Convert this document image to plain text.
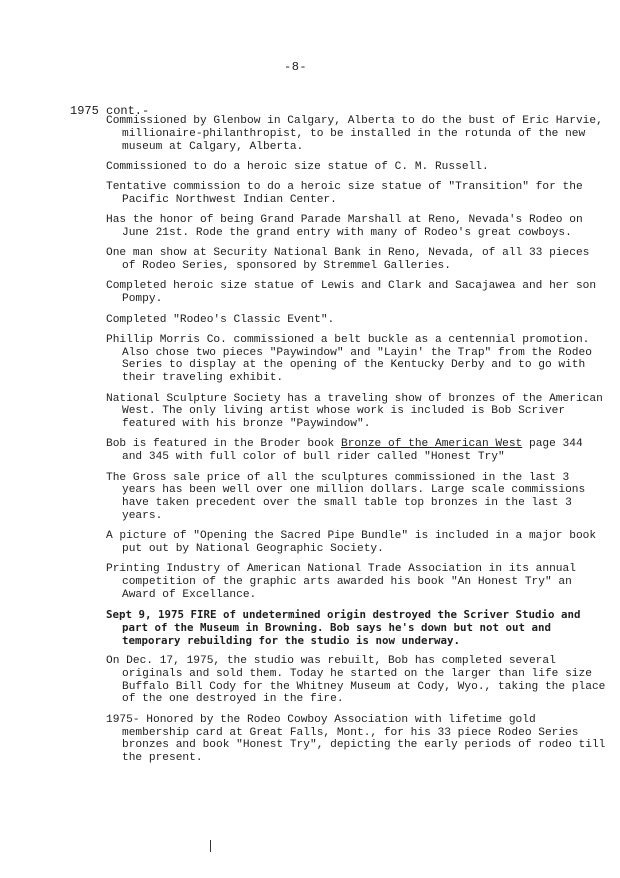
-8-
1975 cont.-
Commissioned by Glenbow in Calgary, Alberta to do the bust of Eric Harvie, millionaire-philanthropist, to be installed in the rotunda of the new museum at Calgary, Alberta.
Commissioned to do a heroic size statue of C. M. Russell.
Tentative commission to do a heroic size statue of "Transition" for the Pacific Northwest Indian Center.
Has the honor of being Grand Parade Marshall at Reno, Nevada's Rodeo on June 21st. Rode the grand entry with many of Rodeo's great cowboys.
One man show at Security National Bank in Reno, Nevada, of all 33 pieces of Rodeo Series, sponsored by Stremmel Galleries.
Completed heroic size statue of Lewis and Clark and Sacajawea and her son Pompy.
Completed "Rodeo's Classic Event".
Phillip Morris Co. commissioned a belt buckle as a centennial promotion. Also chose two pieces "Paywindow" and "Layin' the Trap" from the Rodeo Series to display at the opening of the Kentucky Derby and to go with their traveling exhibit.
National Sculpture Society has a traveling show of bronzes of the American West. The only living artist whose work is included is Bob Scriver featured with his bronze "Paywindow".
Bob is featured in the Broder book Bronze of the American West page 344 and 345 with full color of bull rider called "Honest Try"
The Gross sale price of all the sculptures commissioned in the last 3 years has been well over one million dollars. Large scale commissions have taken precedent over the small table top bronzes in the last 3 years.
A picture of "Opening the Sacred Pipe Bundle" is included in a major book put out by National Geographic Society.
Printing Industry of American National Trade Association in its annual competition of the graphic arts awarded his book "An Honest Try" an Award of Excellance.
Sept 9, 1975 FIRE of undetermined origin destroyed the Scriver Studio and part of the Museum in Browning. Bob says he's down but not out and temporary rebuilding for the studio is now underway.
On Dec. 17, 1975, the studio was rebuilt, Bob has completed several originals and sold them. Today he started on the larger than life size Buffalo Bill Cody for the Whitney Museum at Cody, Wyo., taking the place of the one destroyed in the fire.
1975- Honored by the Rodeo Cowboy Association with lifetime gold membership card at Great Falls, Mont., for his 33 piece Rodeo Series bronzes and book "Honest Try", depicting the early periods of rodeo till the present.
